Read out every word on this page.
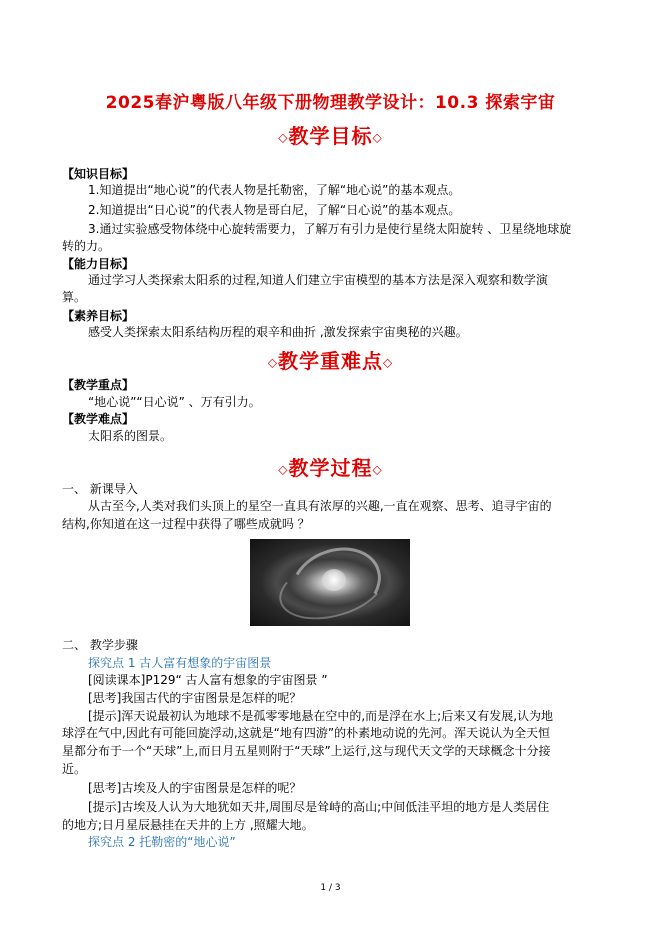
2025春沪粤版八年级下册物理教学设计：10.3 探索宇宙
◇教学目标◇
【知识目标】
1.知道提出“地心说”的代表人物是托勒密，了解“地心说”的基本观点。
2.知道提出“日心说”的代表人物是哥白尼，了解“日心说”的基本观点。
3.通过实验感受物体绕中心旋转需要力，了解万有引力是使行星绕太阳旋转 、卫星绕地球旋
转的力。
【能力目标】
通过学习人类探索太阳系的过程,知道人们建立宇宙模型的基本方法是深入观察和数学演
算。
【素养目标】
感受人类探索太阳系结构历程的艰辛和曲折 ,激发探索宇宙奥秘的兴趣。
◇教学重难点◇
【教学重点】
“地心说”“日心说” 、万有引力。
【教学难点】
太阳系的图景。
◇教学过程◇
一、 新课导入
从古至今,人类对我们头顶上的星空一直具有浓厚的兴趣,一直在观察、思考、追寻宇宙的
结构,你知道在这一过程中获得了哪些成就吗 ？
二、 教学步骤
探究点 1 古人富有想象的宇宙图景
[阅读课本]P129“ 古人富有想象的宇宙图景 ”
[思考]我国古代的宇宙图景是怎样的呢？
[提示]浑天说最初认为地球不是孤零零地悬在空中的,而是浮在水上;后来又有发展,认为地
球浮在气中,因此有可能回旋浮动,这就是“地有四游”的朴素地动说的先河。浑天说认为全天恒
星都分布于一个“天球”上,而日月五星则附于“天球”上运行,这与现代天文学的天球概念十分接
近。
[思考]古埃及人的宇宙图景是怎样的呢？
[提示]古埃及人认为大地犹如天井,周围尽是耸峙的高山;中间低洼平坦的地方是人类居住
的地方;日月星辰悬挂在天井的上方 ,照耀大地。
探究点 2 托勒密的“地心说”
1 / 3
